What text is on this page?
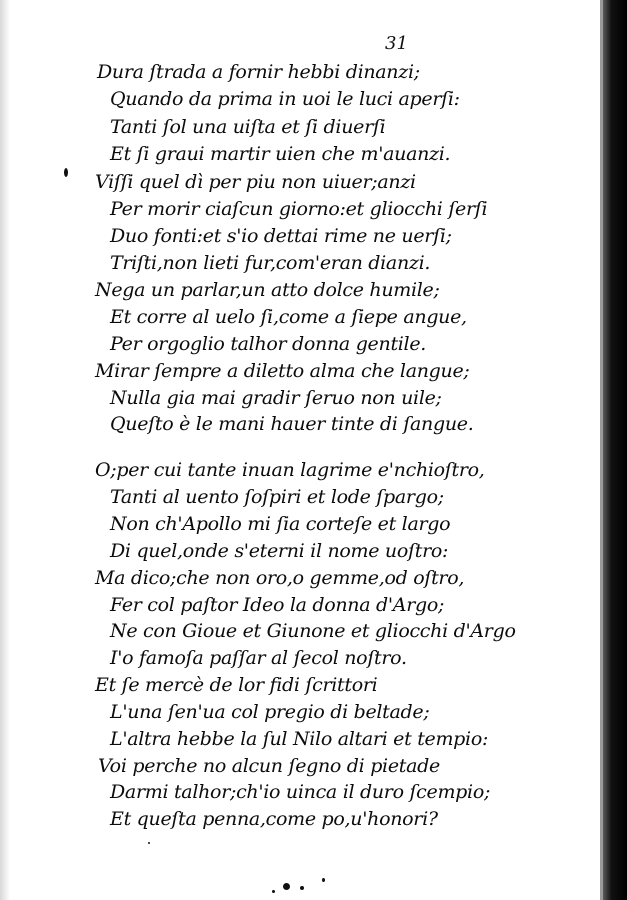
31
Dura ſtrada a fornir hebbi dinanzi;
Quando da prima in uoi le luci aperſi:
Tanti ſol una uiſta et ſi diuerſi
Et ſi graui martir uien che m'auanzi.
Viſſi quel dì per piu non uiuer;anzi
Per morir ciaſcun giorno:et gliocchi ſerſi
Duo fonti:et s'io dettai rime ne uerſi;
Triſti,non lieti fur,com'eran dianzi.
Nega un parlar,un atto dolce humile;
Et corre al uelo ſi,come a ſiepe angue,
Per orgoglio talhor donna gentile.
Mirar ſempre a diletto alma che langue;
Nulla gia mai gradir ſeruo non uile;
Queſto è le mani hauer tinte di ſangue.
O;per cui tante inuan lagrime e'nchioſtro,
Tanti al uento ſoſpiri et lode ſpargo;
Non ch'Apollo mi ſia corteſe et largo
Di quel,onde s'eterni il nome uoſtro:
Ma dico;che non oro,o gemme,od oſtro,
Fer col paſtor Ideo la donna d'Argo;
Ne con Gioue et Giunone et gliocchi d'Argo
I'o famoſa paſſar al ſecol noſtro.
Et ſe mercè de lor fidi ſcrittori
L'una ſen'ua col pregio di beltade;
L'altra hebbe la ſul Nilo altari et tempio:
Voi perche no alcun ſegno di pietade
Darmi talhor;ch'io uinca il duro ſcempio;
Et queſta penna,come po,u'honori?
